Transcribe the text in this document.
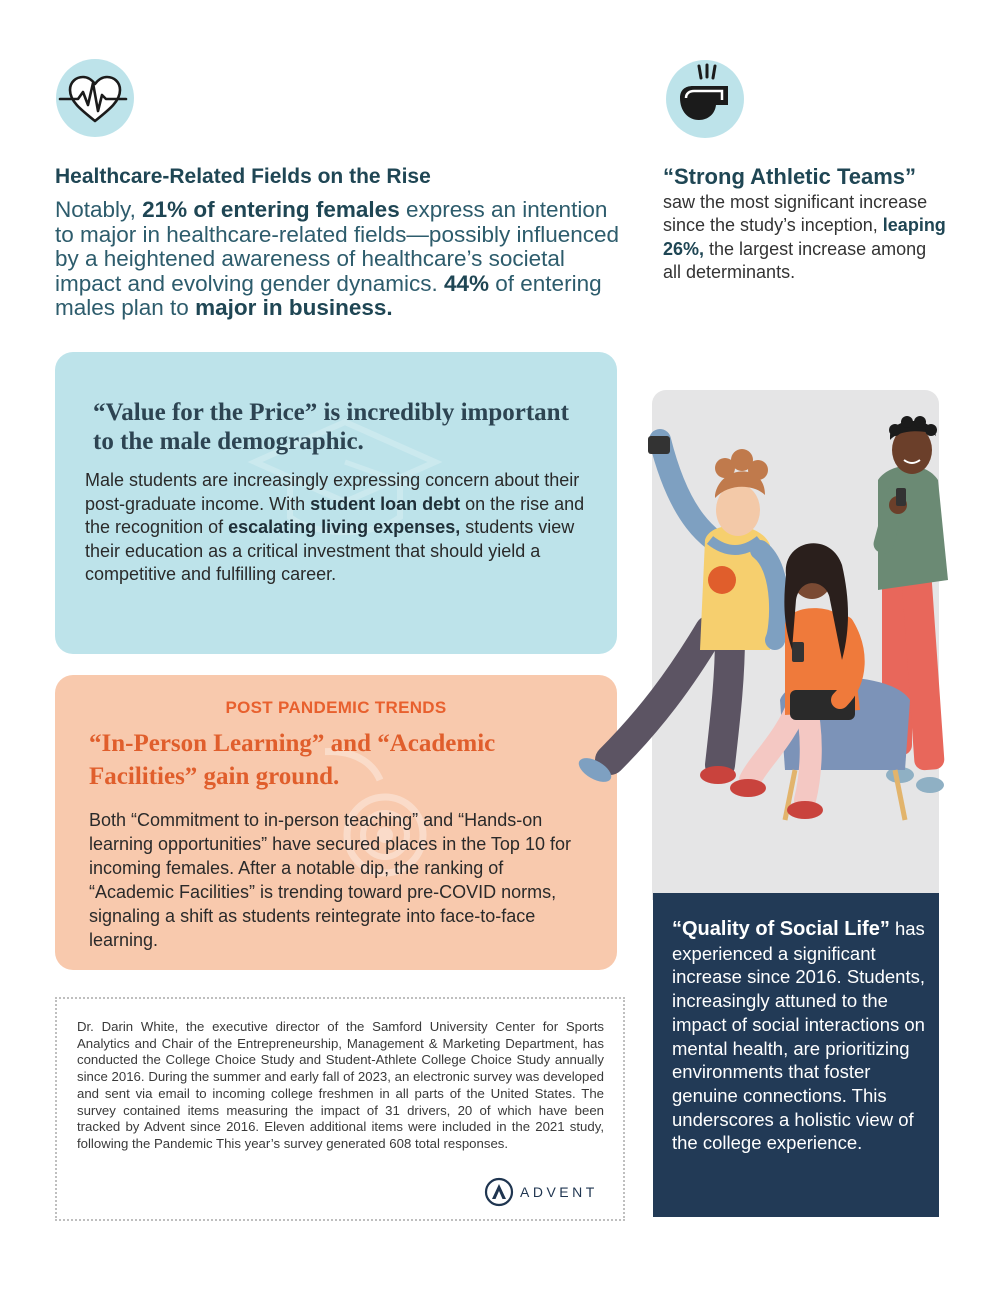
Healthcare-Related Fields on the Rise
Notably, 21% of entering females express an intention to major in healthcare-related fields—possibly influenced by a heightened awareness of healthcare’s societal impact and evolving gender dynamics. 44% of entering males plan to major in business.
“Strong Athletic Teams” saw the most significant increase since the study’s inception, leaping 26%, the largest increase among all determinants.
“Value for the Price” is incredibly important to the male demographic.
Male students are increasingly expressing concern about their post-graduate income. With student loan debt on the rise and the recognition of escalating living expenses, students view their education as a critical investment that should yield a competitive and fulfilling career.
POST PANDEMIC TRENDS
“In-Person Learning” and “Academic Facilities” gain ground.
Both “Commitment to in-person teaching” and “Hands-on learning opportunities” have secured places in the Top 10 for incoming females. After a notable dip, the ranking of “Academic Facilities” is trending toward pre-COVID norms, signaling a shift as students reintegrate into face-to-face learning.
Dr. Darin White, the executive director of the Samford University Center for Sports Analytics and Chair of the Entrepreneurship, Management & Marketing Department, has conducted the College Choice Study and Student-Athlete College Choice Study annually since 2016. During the summer and early fall of 2023, an electronic survey was developed and sent via email to incoming college freshmen in all parts of the United States. The survey contained items measuring the impact of 31 drivers, 20 of which have been tracked by Advent since 2016. Eleven additional items were included in the 2021 study, following the Pandemic This year’s survey generated 608 total responses.
ADVENT
“Quality of Social Life” has experienced a significant increase since 2016. Students, increasingly attuned to the impact of social interactions on mental health, are prioritizing environments that foster genuine connections. This underscores a holistic view of the college experience.
